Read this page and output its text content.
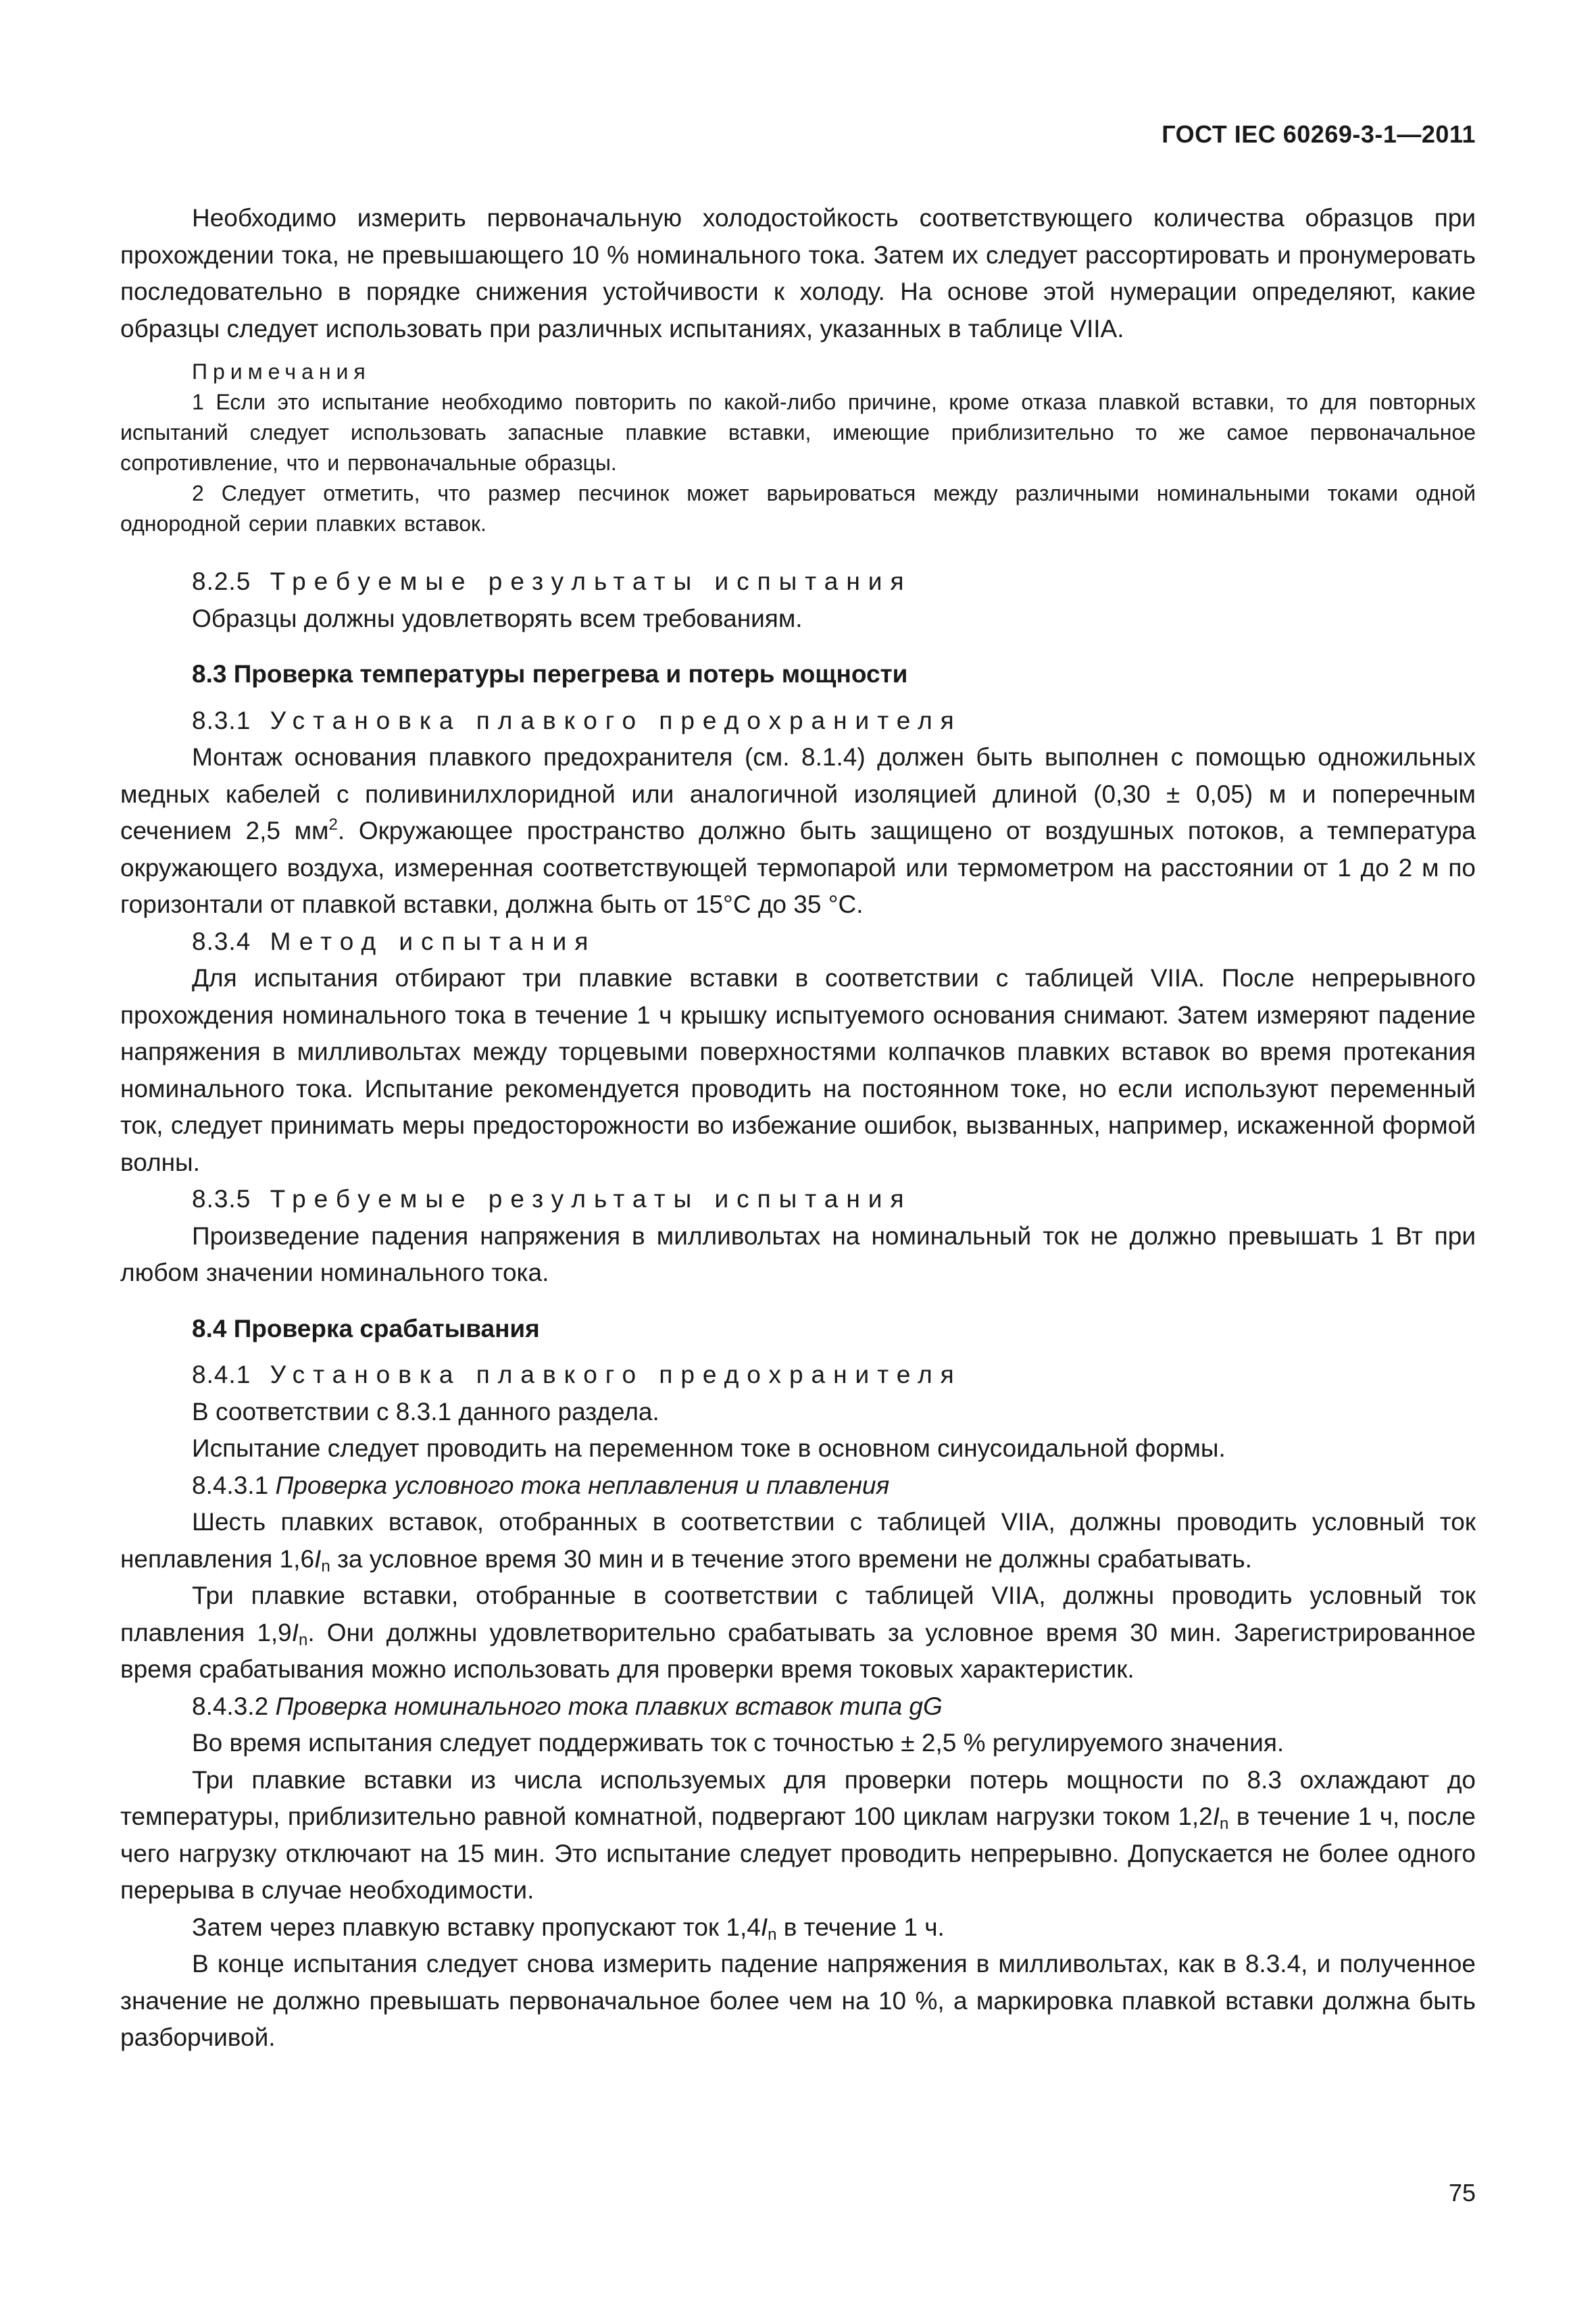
ГОСТ IEC 60269-3-1—2011

Необходимо измерить первоначальную холодостойкость соответствующего количества образцов при прохождении тока, не превышающего 10 % номинального тока. Затем их следует рассортировать и пронумеровать последовательно в порядке снижения устойчивости к холоду. На основе этой нумерации определяют, какие образцы следует использовать при различных испытаниях, указанных в таблице VIIA.

Примечания

1 Если это испытание необходимо повторить по какой-либо причине, кроме отказа плавкой вставки, то для повторных испытаний следует использовать запасные плавкие вставки, имеющие приблизительно то же самое первоначальное сопротивление, что и первоначальные образцы.

2 Следует отметить, что размер песчинок может варьироваться между различными номинальными токами одной однородной серии плавких вставок.

8.2.5 Требуемые результаты испытания

Образцы должны удовлетворять всем требованиям.

8.3 Проверка температуры перегрева и потерь мощности

8.3.1 Установка плавкого предохранителя

Монтаж основания плавкого предохранителя (см. 8.1.4) должен быть выполнен с помощью одножильных медных кабелей с поливинилхлоридной или аналогичной изоляцией длиной (0,30 ± 0,05) м и поперечным сечением 2,5 $мм^2$. Окружающее пространство должно быть защищено от воздушных потоков, а температура окружающего воздуха, измеренная соответствующей термопарой или термометром на расстоянии от 1 до 2 м по горизонтали от плавкой вставки, должна быть от 15°C до 35 °C.

8.3.4 Метод испытания

Для испытания отбирают три плавкие вставки в соответствии с таблицей VIIA. После непрерывного прохождения номинального тока в течение 1 ч крышку испытуемого основания снимают. Затем измеряют падение напряжения в милливольтах между торцевыми поверхностями колпачков плавких вставок во время протекания номинального тока. Испытание рекомендуется проводить на постоянном токе, но если используют переменный ток, следует принимать меры предосторожности во избежание ошибок, вызванных, например, искаженной формой волны.

8.3.5 Требуемые результаты испытания

Произведение падения напряжения в милливольтах на номинальный ток не должно превышать 1 Вт при любом значении номинального тока.

8.4 Проверка срабатывания

8.4.1 Установка плавкого предохранителя

В соответствии с 8.3.1 данного раздела.

Испытание следует проводить на переменном токе в основном синусоидальной формы.

8.4.3.1 Проверка условного тока неплавления и плавления

Шесть плавких вставок, отобранных в соответствии с таблицей VIIA, должны проводить условный ток неплавления $1,6I_n$ за условное время 30 мин и в течение этого времени не должны срабатывать.

Три плавкие вставки, отобранные в соответствии с таблицей VIIA, должны проводить условный ток плавления $1,9I_n$. Они должны удовлетворительно срабатывать за условное время 30 мин. Зарегистрированное время срабатывания можно использовать для проверки время токовых характеристик.

8.4.3.2 Проверка номинального тока плавких вставок типа gG

Во время испытания следует поддерживать ток с точностью ± 2,5 % регулируемого значения.

Три плавкие вставки из числа используемых для проверки потерь мощности по 8.3 охлаждают до температуры, приблизительно равной комнатной, подвергают 100 циклам нагрузки током $1,2I_n$ в течение 1 ч, после чего нагрузку отключают на 15 мин. Это испытание следует проводить непрерывно. Допускается не более одного перерыва в случае необходимости.

Затем через плавкую вставку пропускают ток $1,4I_n$ в течение 1 ч.

В конце испытания следует снова измерить падение напряжения в милливольтах, как в 8.3.4, и полученное значение не должно превышать первоначальное более чем на 10 %, а маркировка плавкой вставки должна быть разборчивой.

75
